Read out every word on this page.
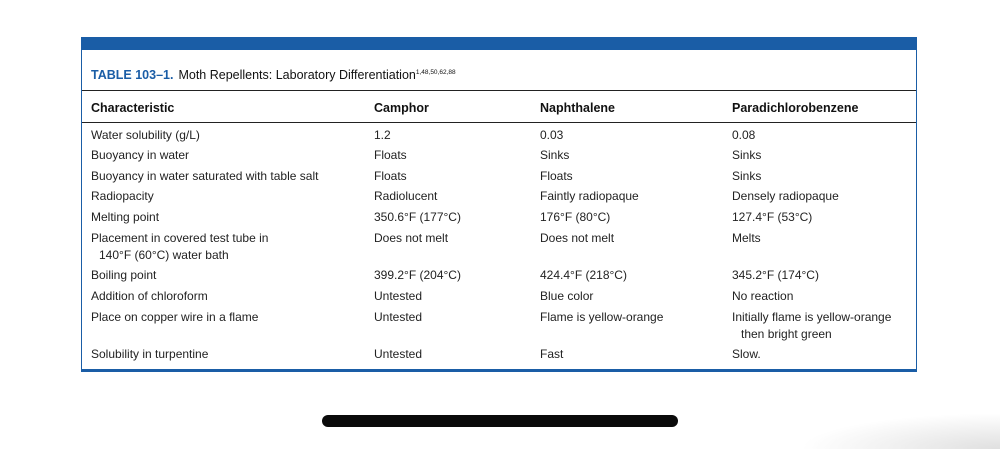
TABLE 103–1. Moth Repellents: Laboratory Differentiation$^{1,48,50,62,88}$
Characteristic	Camphor	Naphthalene	Paradichlorobenzene
Water solubility (g/L)	1.2	0.03	0.08
Buoyancy in water	Floats	Sinks	Sinks
Buoyancy in water saturated with table salt	Floats	Floats	Sinks
Radiopacity	Radiolucent	Faintly radiopaque	Densely radiopaque
Melting point	350.6°F (177°C)	176°F (80°C)	127.4°F (53°C)
Placement in covered test tube in	Does not melt	Does not melt	Melts
140°F (60°C) water bath
Boiling point	399.2°F (204°C)	424.4°F (218°C)	345.2°F (174°C)
Addition of chloroform	Untested	Blue color	No reaction
Place on copper wire in a flame	Untested	Flame is yellow-orange	Initially flame is yellow-orange
then bright green
Solubility in turpentine	Untested	Fast	Slow.
